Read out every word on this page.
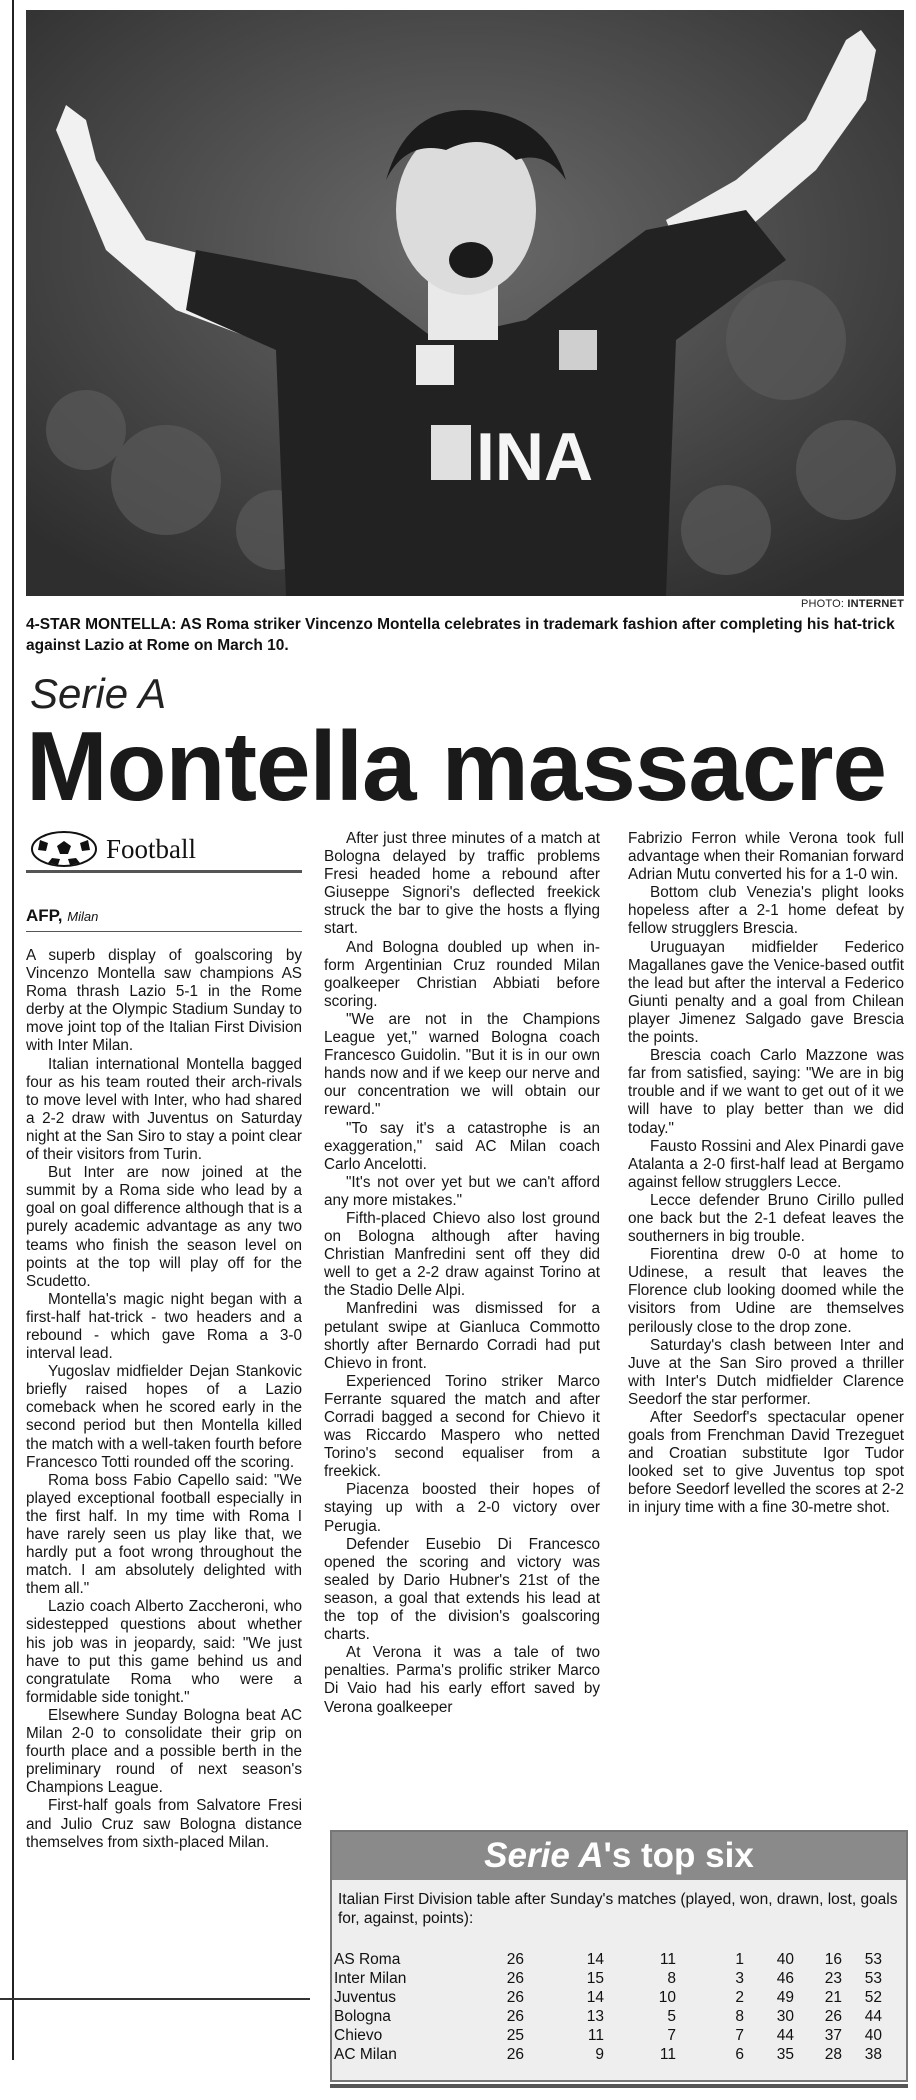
INA
PHOTO: INTERNET
4-STAR MONTELLA: AS Roma striker Vincenzo Montella celebrates in trademark fashion after completing his hat-trick against Lazio at Rome on March 10.
Serie A
Montella massacre
Football
AFP, Milan

A superb display of goalscoring by Vincenzo Montella saw champions AS Roma thrash Lazio 5-1 in the Rome derby at the Olympic Stadium Sunday to move joint top of the Italian First Division with Inter Milan.

Italian international Montella bagged four as his team routed their arch-rivals to move level with Inter, who had shared a 2-2 draw with Juventus on Saturday night at the San Siro to stay a point clear of their visitors from Turin.

But Inter are now joined at the summit by a Roma side who lead by a goal on goal difference although that is a purely academic advantage as any two teams who finish the season level on points at the top will play off for the Scudetto.

Montella's magic night began with a first-half hat-trick - two headers and a rebound - which gave Roma a 3-0 interval lead.

Yugoslav midfielder Dejan Stankovic briefly raised hopes of a Lazio comeback when he scored early in the second period but then Montella killed the match with a well-taken fourth before Francesco Totti rounded off the scoring.

Roma boss Fabio Capello said: "We played exceptional football especially in the first half. In my time with Roma I have rarely seen us play like that, we hardly put a foot wrong throughout the match. I am absolutely delighted with them all."

Lazio coach Alberto Zaccheroni, who sidestepped questions about whether his job was in jeopardy, said: "We just have to put this game behind us and congratulate Roma who were a formidable side tonight."

Elsewhere Sunday Bologna beat AC Milan 2-0 to consolidate their grip on fourth place and a possible berth in the preliminary round of next season's Champions League.

First-half goals from Salvatore Fresi and Julio Cruz saw Bologna distance themselves from sixth-placed Milan.

After just three minutes of a match at Bologna delayed by traffic problems Fresi headed home a rebound after Giuseppe Signori's deflected freekick struck the bar to give the hosts a flying start.

And Bologna doubled up when in-form Argentinian Cruz rounded Milan goalkeeper Christian Abbiati before scoring.

"We are not in the Champions League yet," warned Bologna coach Francesco Guidolin. "But it is in our own hands now and if we keep our nerve and our concentration we will obtain our reward."

"To say it's a catastrophe is an exaggeration," said AC Milan coach Carlo Ancelotti.

"It's not over yet but we can't afford any more mistakes."

Fifth-placed Chievo also lost ground on Bologna although after having Christian Manfredini sent off they did well to get a 2-2 draw against Torino at the Stadio Delle Alpi.

Manfredini was dismissed for a petulant swipe at Gianluca Commotto shortly after Bernardo Corradi had put Chievo in front.

Experienced Torino striker Marco Ferrante squared the match and after Corradi bagged a second for Chievo it was Riccardo Maspero who netted Torino's second equaliser from a freekick.

Piacenza boosted their hopes of staying up with a 2-0 victory over Perugia.

Defender Eusebio Di Francesco opened the scoring and victory was sealed by Dario Hubner's 21st of the season, a goal that extends his lead at the top of the division's goalscoring charts.

At Verona it was a tale of two penalties. Parma's prolific striker Marco Di Vaio had his early effort saved by Verona goalkeeper

Fabrizio Ferron while Verona took full advantage when their Romanian forward Adrian Mutu converted his for a 1-0 win.

Bottom club Venezia's plight looks hopeless after a 2-1 home defeat by fellow strugglers Brescia.

Uruguayan midfielder Federico Magallanes gave the Venice-based outfit the lead but after the interval a Federico Giunti penalty and a goal from Chilean player Jimenez Salgado gave Brescia the points.

Brescia coach Carlo Mazzone was far from satisfied, saying: "We are in big trouble and if we want to get out of it we will have to play better than we did today."

Fausto Rossini and Alex Pinardi gave Atalanta a 2-0 first-half lead at Bergamo against fellow strugglers Lecce.

Lecce defender Bruno Cirillo pulled one back but the 2-1 defeat leaves the southerners in big trouble.

Fiorentina drew 0-0 at home to Udinese, a result that leaves the Florence club looking doomed while the visitors from Udine are themselves perilously close to the drop zone.

Saturday's clash between Inter and Juve at the San Siro proved a thriller with Inter's Dutch midfielder Clarence Seedorf the star performer.

After Seedorf's spectacular opener goals from Frenchman David Trezeguet and Croatian substitute Igor Tudor looked set to give Juventus top spot before Seedorf levelled the scores at 2-2 in injury time with a fine 30-metre shot.

Serie A's top six
Italian First Division table after Sunday's matches (played, won, drawn, lost, goals for, against, points):
AS Roma	26	14	11	1	40	16	53
Inter Milan	26	15	8	3	46	23	53
Juventus	26	14	10	2	49	21	52
Bologna	26	13	5	8	30	26	44
Chievo	25	11	7	7	44	37	40
AC Milan	26	9	11	6	35	28	38
